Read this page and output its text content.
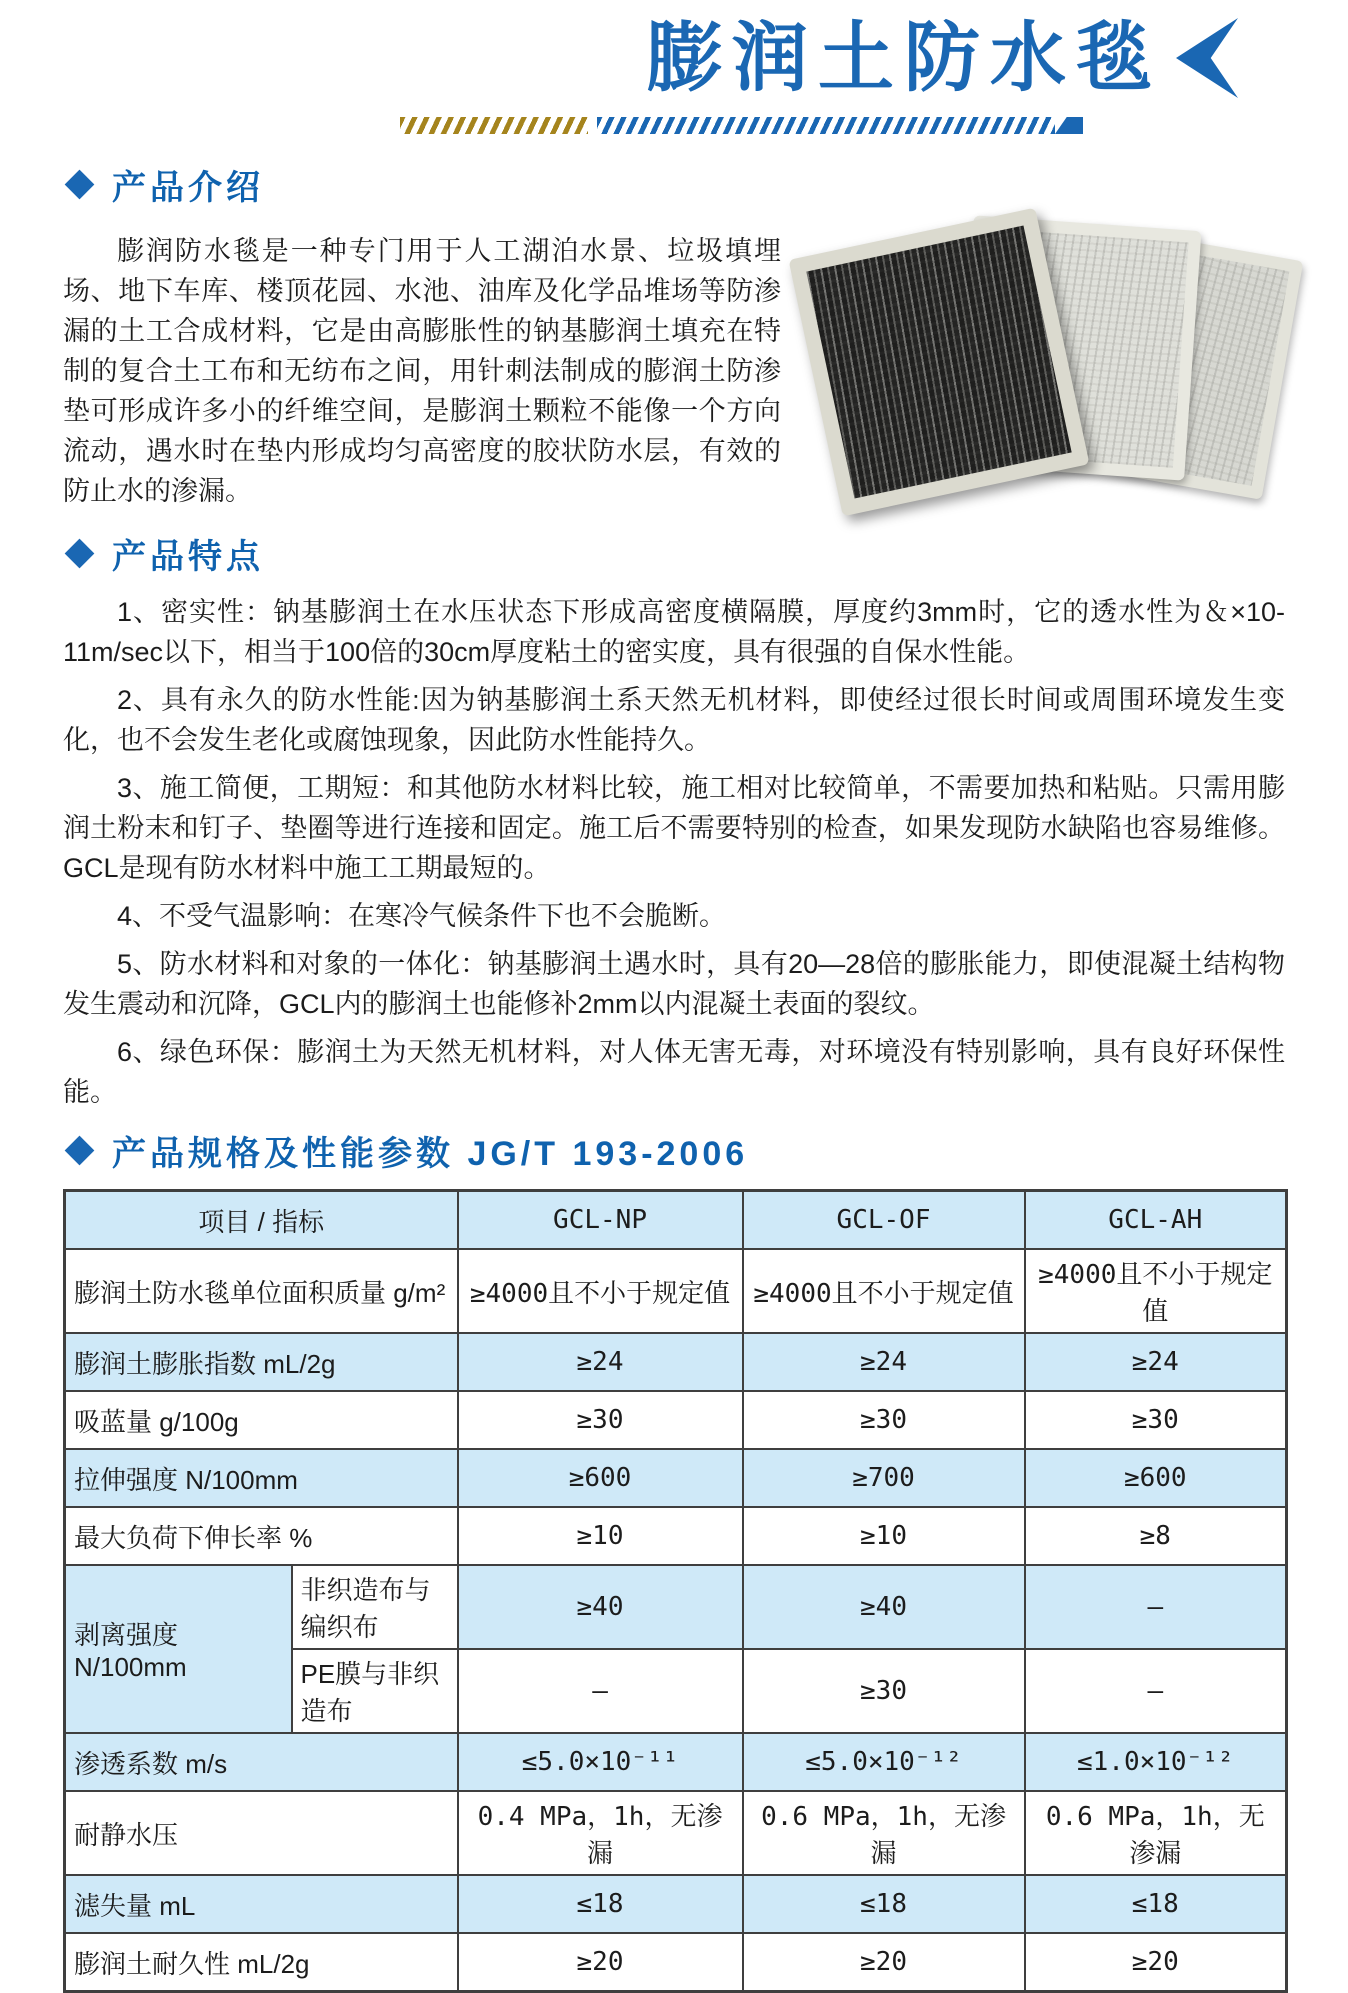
膨润土防水毯
产品介绍

膨润防水毯是一种专门用于人工湖泊水景、垃圾填埋场、地下车库、楼顶花园、水池、油库及化学品堆场等防渗漏的土工合成材料，它是由高膨胀性的钠基膨润土填充在特制的复合土工布和无纺布之间，用针刺法制成的膨润土防渗垫可形成许多小的纤维空间，是膨润土颗粒不能像一个方向流动，遇水时在垫内形成均匀高密度的胶状防水层，有效的防止水的渗漏。

产品特点

1、密实性：钠基膨润土在水压状态下形成高密度横隔膜，厚度约3mm时，它的透水性为＆×10-11m/sec以下，相当于100倍的30cm厚度粘土的密实度，具有很强的自保水性能。

2、具有永久的防水性能:因为钠基膨润土系天然无机材料，即使经过很长时间或周围环境发生变化，也不会发生老化或腐蚀现象，因此防水性能持久。

3、施工简便，工期短：和其他防水材料比较，施工相对比较简单，不需要加热和粘贴。只需用膨润土粉末和钉子、垫圈等进行连接和固定。施工后不需要特别的检查，如果发现防水缺陷也容易维修。GCL是现有防水材料中施工工期最短的。

4、不受气温影响：在寒冷气候条件下也不会脆断。

5、防水材料和对象的一体化：钠基膨润土遇水时，具有20—28倍的膨胀能力，即使混凝土结构物发生震动和沉降，GCL内的膨润土也能修补2mm以内混凝土表面的裂纹。

6、绿色环保：膨润土为天然无机材料，对人体无害无毒，对环境没有特别影响，具有良好环保性能。

产品规格及性能参数 JG/T 193-2006
项目 / 指标		GCL-NP	GCL-OF	GCL-AH
膨润土防水毯单位面积质量 g/m²		≥4000且不小于规定值	≥4000且不小于规定值	≥4000且不小于规定值
膨润土膨胀指数 mL/2g		≥24	≥24	≥24
吸蓝量 g/100g		≥30	≥30	≥30
拉伸强度 N/100mm		≥600	≥700	≥600
最大负荷下伸长率 %		≥10	≥10	≥8
剥离强度 N/100mm	非织造布与编织布	≥40	≥40	–
	PE膜与非织造布	–	≥30	–
渗透系数 m/s		≤5.0×10⁻¹¹	≤5.0×10⁻¹²	≤1.0×10⁻¹²
耐静水压		0.4 MPa，1h，无渗漏	0.6 MPa，1h，无渗漏	0.6 MPa，1h，无渗漏
滤失量 mL		≤18	≤18	≤18
膨润土耐久性 mL/2g		≥20	≥20	≥20
